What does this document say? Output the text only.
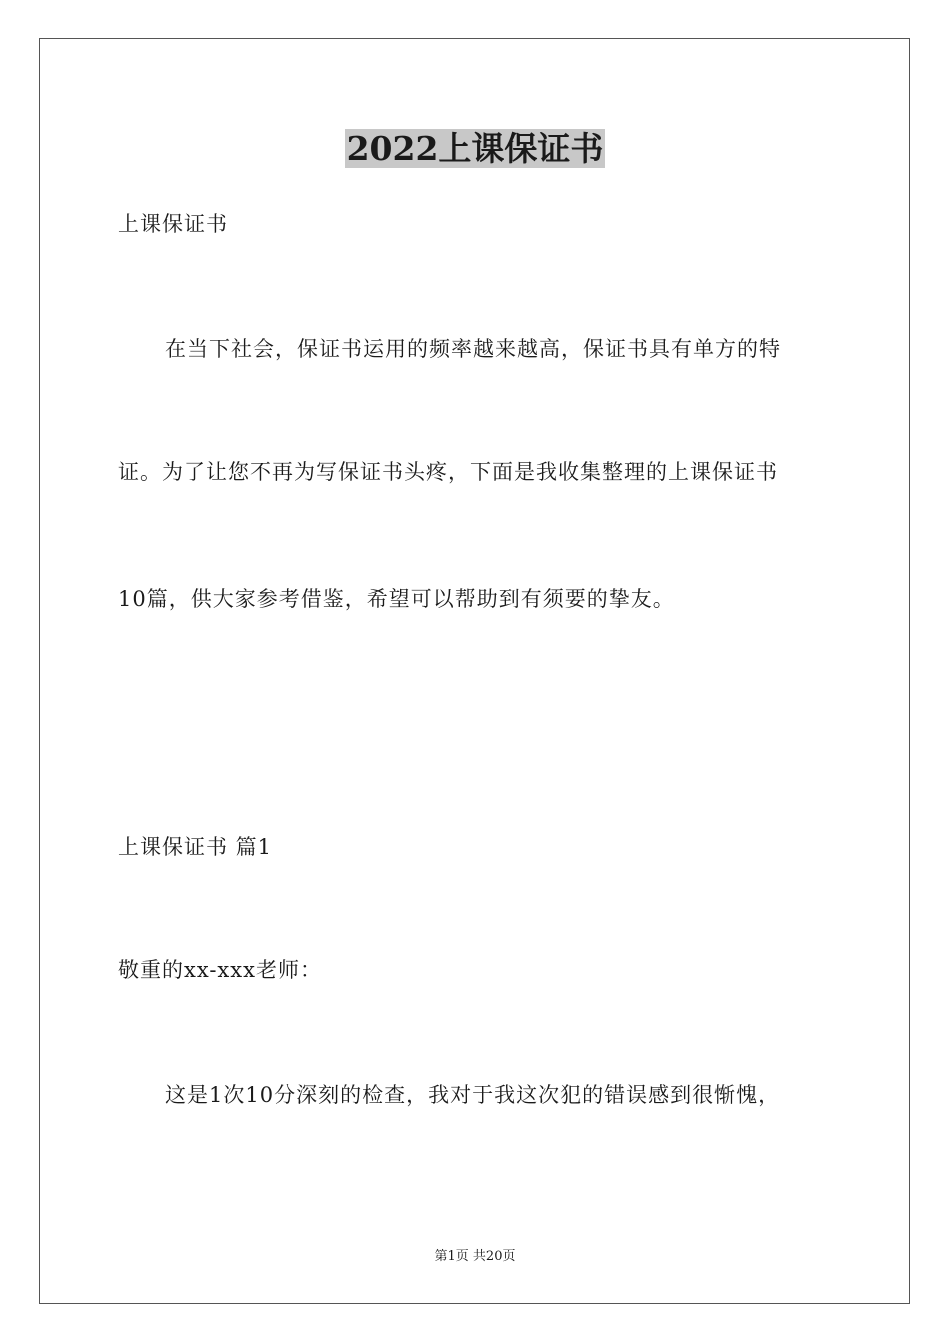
2022上课保证书
上课保证书
在当下社会，保证书运用的频率越来越高，保证书具有单方的特
证。为了让您不再为写保证书头疼，下面是我收集整理的上课保证书
10篇，供大家参考借鉴，希望可以帮助到有须要的挚友。
上课保证书 篇1
敬重的xx-xxx老师：
这是1次10分深刻的检查，我对于我这次犯的错误感到很惭愧，
第1页 共20页
